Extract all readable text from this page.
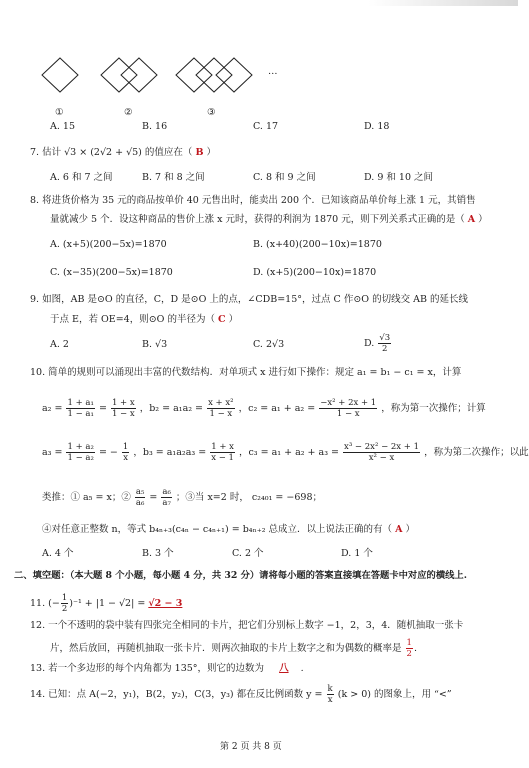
…
①	②	③
A. 15	B. 16	C. 17	D. 18
7. 估计 √3 × (2√2 + √5) 的值应在（ B ）
A. 6 和 7 之间	B. 7 和 8 之间	C. 8 和 9 之间	D. 9 和 10 之间
8. 将进货价格为 35 元的商品按单价 40 元售出时，能卖出 200 个．已知该商品单价每上涨 1 元，其销售
量就减少 5 个．设这种商品的售价上涨 x 元时，获得的利润为 1870 元，则下列关系式正确的是（ A ）
A. (x+5)(200−5x)=1870	B. (x+40)(200−10x)=1870
C. (x−35)(200−5x)=1870	D. (x+5)(200−10x)=1870
9. 如图，AB 是⊙O 的直径，C，D 是⊙O 上的点，∠CDB=15°，过点 C 作⊙O 的切线交 AB 的延长线
于点 E，若 OE=4，则⊙O 的半径为（ C ）
A. 2	B. √3	C. 2√3	D. $\frac{√3}{2}$
10. 简单的规则可以涌现出丰富的代数结构．对单项式 x 进行如下操作：规定 a₁ = b₁ − c₁ = x，计算
$a_2 = \frac{\text{1 + a₁}}{\text{1 − a₁}} = \frac{1 + x}{1 - x}$ ，$b_2 = a_1a_2 = \frac{\text{x + x²}}{1 - x}$ ，$c_2 = a_1 + a_2 = \frac{\text{−x² + 2x + 1}}{1 - x}$ ，称为第一次操作；计算
$a_3 = \frac{\text{1 + a₂}}{\text{1 − a₂}}$ = − $\frac{1}{x}$ ，$b_3 = a_1a_2a_3 = \frac{1 + x}{x - 1}$ ，$c_3 = a_1 + a_2 + a_3 = \frac{\text{x³ − 2x² − 2x + 1}}{\text{x² − x}}$ ，称为第二次操作；以此
类推：① a₅ = x；② $\frac{\text{a₅}}{\text{a₆}} = \frac{\text{a₆}}{\text{a₇}}$ ；③当 x=2 时， c₂₄₀₁ = −698；
④对任意正整数 n，等式 b₄ₙ₊₃(c₄ₙ − c₄ₙ₊₁) = b₄ₙ₊₂ 总成立．以上说法正确的有（ A ）
A. 4 个	B. 3 个	C. 2 个	D. 1 个
二、填空题：（本大题 8 个小题，每小题 4 分，共 32 分）请将每小题的答案直接填在答题卡中对应的横线上.
11. (− $\frac{1}{2} )^{-1} + |1 - √2| = √2 - 3$
12. 一个不透明的袋中装有四张完全相同的卡片，把它们分别标上数字 −1，2，3，4．随机抽取一张卡
片，然后放回，再随机抽取一张卡片．则两次抽取的卡片上数字之和为偶数的概率是 $\frac{1}{2}$ .
13. 若一个多边形的每个内角都为 135°，则它的边数为 八 .
14. 已知：点 A(−2，y₁)，B(2，y₂)，C(3，y₃) 都在反比例函数 $y = \frac{k}{x} (k > 0)$ 的图象上，用 “<”
第 2 页 共 8 页
